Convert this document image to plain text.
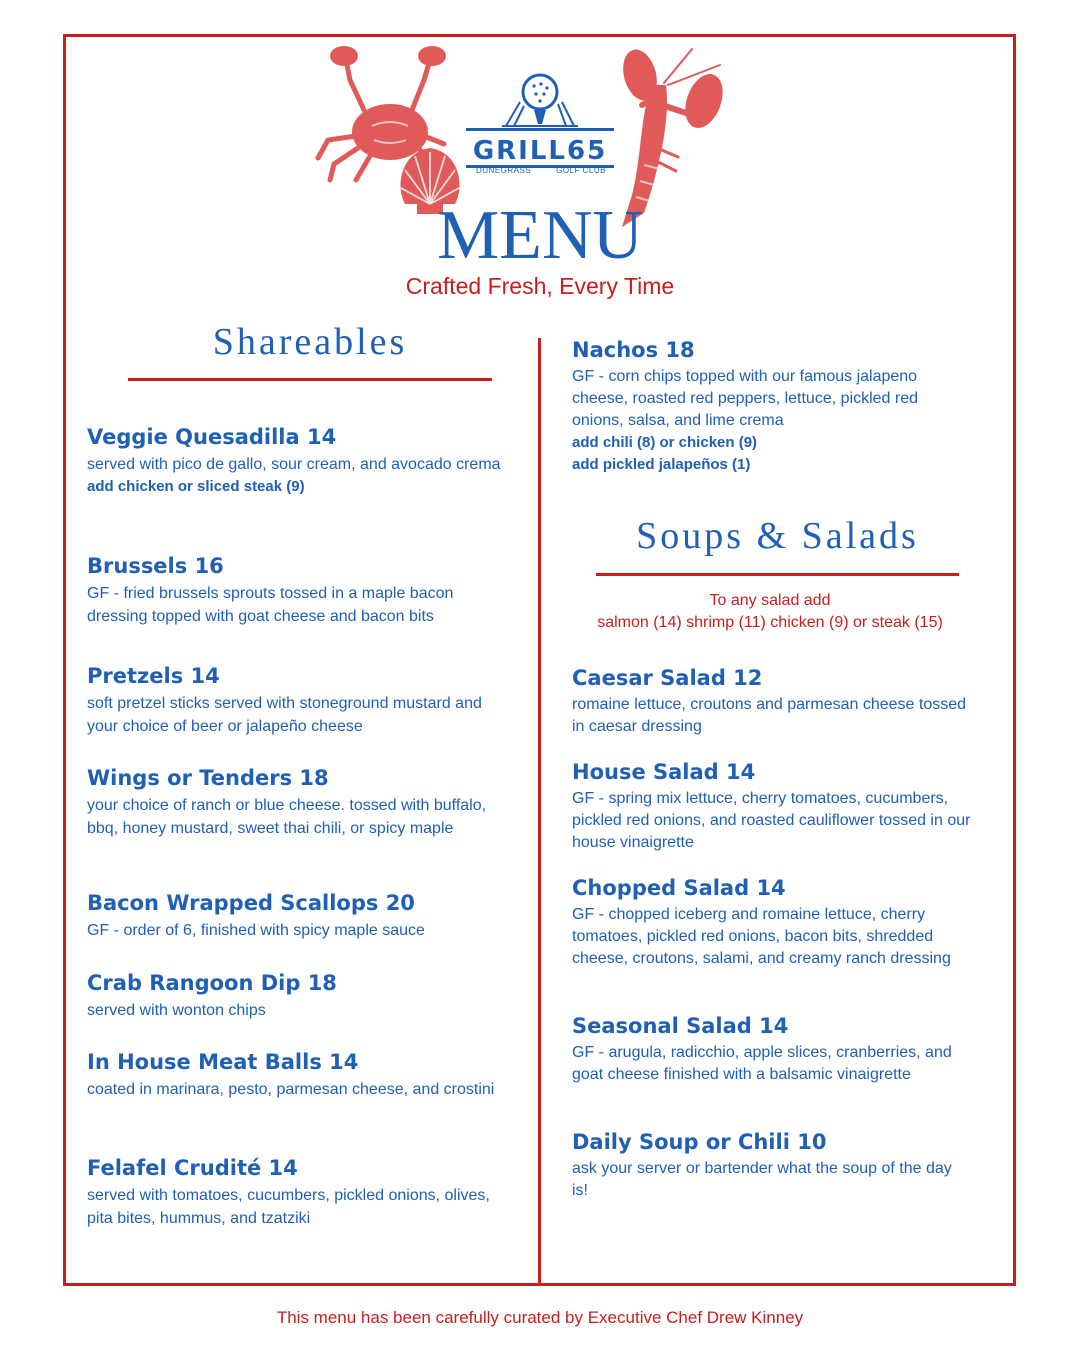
GRILL65
DUNEGRASS	GOLF CLUB
MENU
Crafted Fresh, Every Time
Shareables
Veggie Quesadilla 14
served with pico de gallo, sour cream, and avocado crema
add chicken or sliced steak (9)
Brussels 16
GF - fried brussels sprouts tossed in a maple bacon dressing topped with goat cheese and bacon bits
Pretzels 14
soft pretzel sticks served with stoneground mustard and your choice of beer or jalapeño cheese
Wings or Tenders 18
your choice of ranch or blue cheese. tossed with buffalo, bbq, honey mustard, sweet thai chili, or spicy maple
Bacon Wrapped Scallops 20
GF - order of 6, finished with spicy maple sauce
Crab Rangoon Dip 18
served with wonton chips
In House Meat Balls 14
coated in marinara, pesto, parmesan cheese, and crostini
Felafel Crudité 14
served with tomatoes, cucumbers, pickled onions, olives, pita bites, hummus, and tzatziki
Nachos 18
GF - corn chips topped with our famous jalapeno cheese, roasted red peppers, lettuce, pickled red onions, salsa, and lime crema
add chili (8) or chicken (9)
add pickled jalapeños (1)
Soups & Salads
To any salad add
salmon (14) shrimp (11) chicken (9) or steak (15)
Caesar Salad 12
romaine lettuce, croutons and parmesan cheese tossed in caesar dressing
House Salad 14
GF - spring mix lettuce, cherry tomatoes, cucumbers, pickled red onions, and roasted cauliflower tossed in our house vinaigrette
Chopped Salad 14
GF - chopped iceberg and romaine lettuce, cherry tomatoes, pickled red onions, bacon bits, shredded cheese, croutons, salami, and creamy ranch dressing
Seasonal Salad 14
GF - arugula, radicchio, apple slices, cranberries, and goat cheese finished with a balsamic vinaigrette
Daily Soup or Chili 10
ask your server or bartender what the soup of the day is!
This menu has been carefully curated by Executive Chef Drew Kinney
